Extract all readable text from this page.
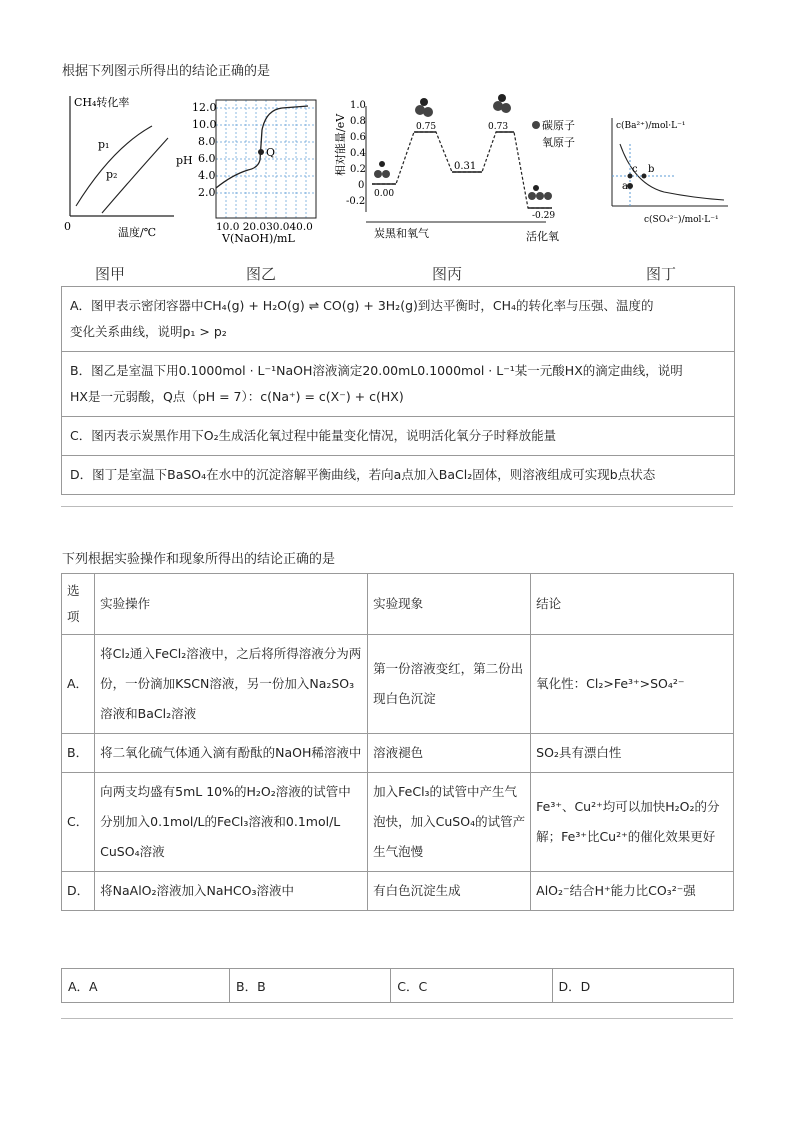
根据下列图示所得出的结论正确的是
CH₄转化率
p₁
p₂
0	温度/℃
12.0
10.0
8.0
6.0
4.0
2.0
pH
Q
10.0 20.030.040.0
V(NaOH)/mL
1.0
0.8
0.6
0.4
0.2
0
-0.2
相对能量/eV
0.00
0.75
0.31
0.73
-0.29
碳原子
氧原子
炭黑和氧气	活化氧
c(Ba²⁺)/mol·L⁻¹
a
b
c
c(SO₄²⁻)/mol·L⁻¹
图甲	图乙	图丙	图丁
A．图甲表示密闭容器中CH₄(g) + H₂O(g) ⇌ CO(g) + 3H₂(g)到达平衡时，CH₄的转化率与压强、温度的
变化关系曲线，说明p₁ > p₂
B．图乙是室温下用0.1000mol · L⁻¹NaOH溶液滴定20.00mL0.1000mol · L⁻¹某一元酸HX的滴定曲线，说明
HX是一元弱酸，Q点（pH = 7）：c(Na⁺) = c(X⁻) + c(HX)
C．图丙表示炭黑作用下O₂生成活化氧过程中能量变化情况，说明活化氧分子时释放能量
D．图丁是室温下BaSO₄在水中的沉淀溶解平衡曲线，若向a点加入BaCl₂固体，则溶液组成可实现b点状态
下列根据实验操作和现象所得出的结论正确的是
选项	实验操作	实验现象	结论
A．	将Cl₂通入FeCl₂溶液中，之后将所得溶液分为两份，一份滴加KSCN溶液，另一份加入Na₂SO₃溶液和BaCl₂溶液	第一份溶液变红，第二份出现白色沉淀	氧化性：Cl₂>Fe³⁺>SO₄²⁻
B．	将二氧化硫气体通入滴有酚酞的NaOH稀溶液中	溶液褪色	SO₂具有漂白性
C．	向两支均盛有5mL 10%的H₂O₂溶液的试管中分别加入0.1mol/L的FeCl₃溶液和0.1mol/L CuSO₄溶液	加入FeCl₃的试管中产生气泡快，加入CuSO₄的试管产生气泡慢	Fe³⁺、Cu²⁺均可以加快H₂O₂的分解；Fe³⁺比Cu²⁺的催化效果更好
D．	将NaAlO₂溶液加入NaHCO₃溶液中	有白色沉淀生成	AlO₂⁻结合H⁺能力比CO₃²⁻强
A．A	B．B	C．C	D．D
